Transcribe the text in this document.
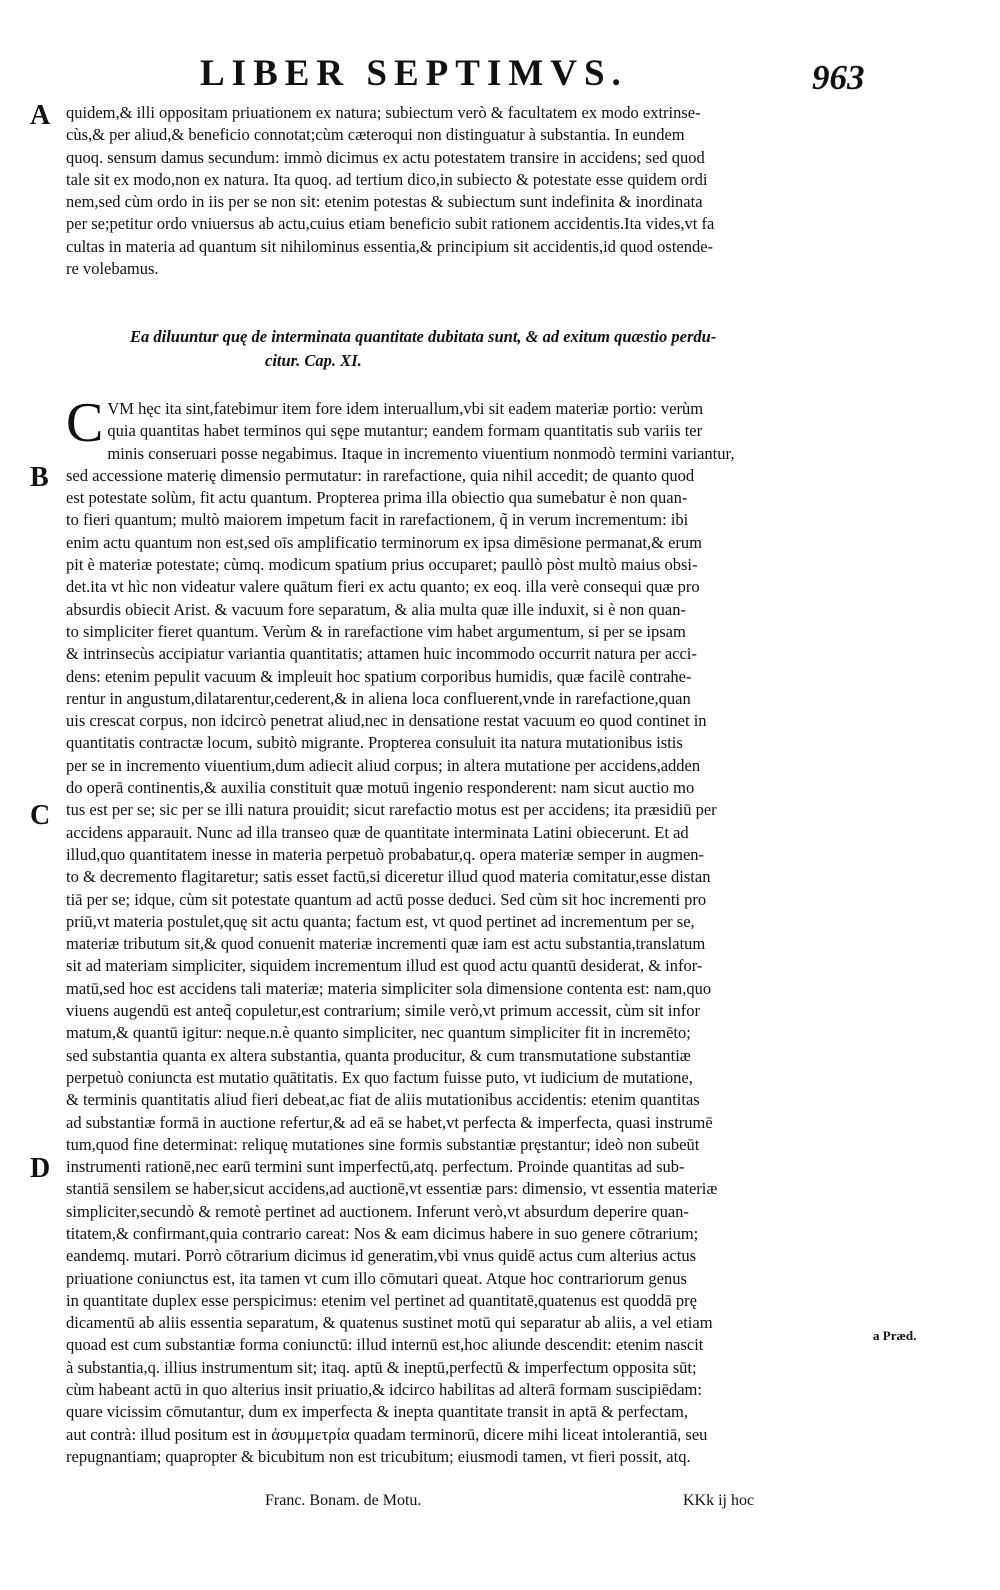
LIBER SEPTIMVS.	963
A
B
C
D
a Præd.
quidem,& illi oppositam priuationem ex natura; subiectum verò & facultatem ex modo extrinse-
cùs,& per aliud,& beneficio connotat;cùm cæteroqui non distinguatur à substantia. In eundem
quoq. sensum damus secundum: immò dicimus ex actu potestatem transire in accidens; sed quod
tale sit ex modo,non ex natura. Ita quoq. ad tertium dico,in subiecto & potestate esse quidem ordi
nem,sed cùm ordo in iis per se non sit: etenim potestas & subiectum sunt indefinita & inordinata
per se;petitur ordo vniuersus ab actu,cuius etiam beneficio subit rationem accidentis.Ita vides,vt fa
cultas in materia ad quantum sit nihilominus essentia,& principium sit accidentis,id quod ostende-
re volebamus.
Ea diluuntur quę de interminata quantitate dubitata sunt, & ad exitum quæstio perdu-
citur. Cap. XI.
C VM hęc ita sint,fatebimur item fore idem interuallum,vbi sit eadem materiæ portio: verùm
quia quantitas habet terminos qui sępe mutantur; eandem formam quantitatis sub variis ter
minis conseruari posse negabimus. Itaque in incremento viuentium nonmodò termini variantur,
sed accessione materię dimensio permutatur: in rarefactione, quia nihil accedit; de quanto quod
est potestate solùm, fit actu quantum. Propterea prima illa obiectio qua sumebatur è non quan-
to fieri quantum; multò maiorem impetum facit in rarefactionem, q̃ in verum incrementum: ibi
enim actu quantum non est,sed oīs amplificatio terminorum ex ipsa dimēsione permanat,& erum
pit è materiæ potestate; cùmq. modicum spatium prius occuparet; paullò pòst multò maius obsi-
det.ita vt hìc non videatur valere quātum fieri ex actu quanto; ex eoq. illa verè consequi quæ pro
absurdis obiecit Arist. & vacuum fore separatum, & alia multa quæ ille induxit, si è non quan-
to simpliciter fieret quantum. Verùm & in rarefactione vim habet argumentum, si per se ipsam
& intrinsecùs accipiatur variantia quantitatis; attamen huic incommodo occurrit natura per acci-
dens: etenim pepulit vacuum & impleuit hoc spatium corporibus humidis, quæ facilè contrahe-
rentur in angustum,dilatarentur,cederent,& in aliena loca confluerent,vnde in rarefactione,quan
uis crescat corpus, non idcircò penetrat aliud,nec in densatione restat vacuum eo quod continet in
quantitatis contractæ locum, subitò migrante. Propterea consuluit ita natura mutationibus istis
per se in incremento viuentium,dum adiecit aliud corpus; in altera mutatione per accidens,adden
do operā continentis,& auxilia constituit quæ motuū ingenio responderent: nam sicut auctio mo
tus est per se; sic per se illi natura prouidit; sicut rarefactio motus est per accidens; ita præsidiū per
accidens apparauit. Nunc ad illa transeo quæ de quantitate interminata Latini obiecerunt. Et ad
illud,quo quantitatem inesse in materia perpetuò probabatur,q. opera materiæ semper in augmen-
to & decremento flagitaretur; satis esset factū,si diceretur illud quod materia comitatur,esse distan
tiā per se; idque, cùm sit potestate quantum ad actū posse deduci. Sed cùm sit hoc incrementi pro
priū,vt materia postulet,quę sit actu quanta; factum est, vt quod pertinet ad incrementum per se,
materiæ tributum sit,& quod conuenit materiæ incrementi quæ iam est actu substantia,translatum
sit ad materiam simpliciter, siquidem incrementum illud est quod actu quantū desiderat, & infor-
matū,sed hoc est accidens tali materiæ; materia simpliciter sola dimensione contenta est: nam,quo
viuens augendū est anteq̃ copuletur,est contrarium; simile verò,vt primum accessit, cùm sit infor
matum,& quantū igitur: neque.n.è quanto simpliciter, nec quantum simpliciter fit in incremēto;
sed substantia quanta ex altera substantia, quanta producitur, & cum transmutatione substantiæ
perpetuò coniuncta est mutatio quātitatis. Ex quo factum fuisse puto, vt iudicium de mutatione,
& terminis quantitatis aliud fieri debeat,ac fiat de aliis mutationibus accidentis: etenim quantitas
ad substantiæ formā in auctione refertur,& ad eā se habet,vt perfecta & imperfecta, quasi instrumē
tum,quod fine determinat: reliquę mutationes sine formis substantiæ pręstantur; ideò non subeūt
instrumenti rationē,nec earū termini sunt imperfectū,atq. perfectum. Proinde quantitas ad sub-
stantiā sensilem se haber,sicut accidens,ad auctionē,vt essentiæ pars: dimensio, vt essentia materiæ
simpliciter,secundò & remotè pertinet ad auctionem. Inferunt verò,vt absurdum deperire quan-
titatem,& confirmant,quia contrario careat: Nos & eam dicimus habere in suo genere cōtrarium;
eandemq. mutari. Porrò cōtrarium dicimus id generatim,vbi vnus quidē actus cum alterius actus
priuatione coniunctus est, ita tamen vt cum illo cōmutari queat. Atque hoc contrariorum genus
in quantitate duplex esse perspicimus: etenim vel pertinet ad quantitatē,quatenus est quoddā prę
dicamentū ab aliis essentia separatum, & quatenus sustinet motū qui separatur ab aliis, a vel etiam
quoad est cum substantiæ forma coniunctū: illud internū est,hoc aliunde descendit: etenim nascit
à substantia,q. illius instrumentum sit; itaq. aptū & ineptū,perfectū & imperfectum opposita sūt;
cùm habeant actū in quo alterius insit priuatio,& idcirco habilitas ad alterā formam suscipiēdam:
quare vicissim cōmutantur, dum ex imperfecta & inepta quantitate transit in aptā & perfectam,
aut contrà: illud positum est in ἀσυμμετρία quadam terminorū, dicere mihi liceat intolerantiā, seu
repugnantiam; quapropter & bicubitum non est tricubitum; eiusmodi tamen, vt fieri possit, atq.
Franc. Bonam. de Motu.	KKk ij hoc
